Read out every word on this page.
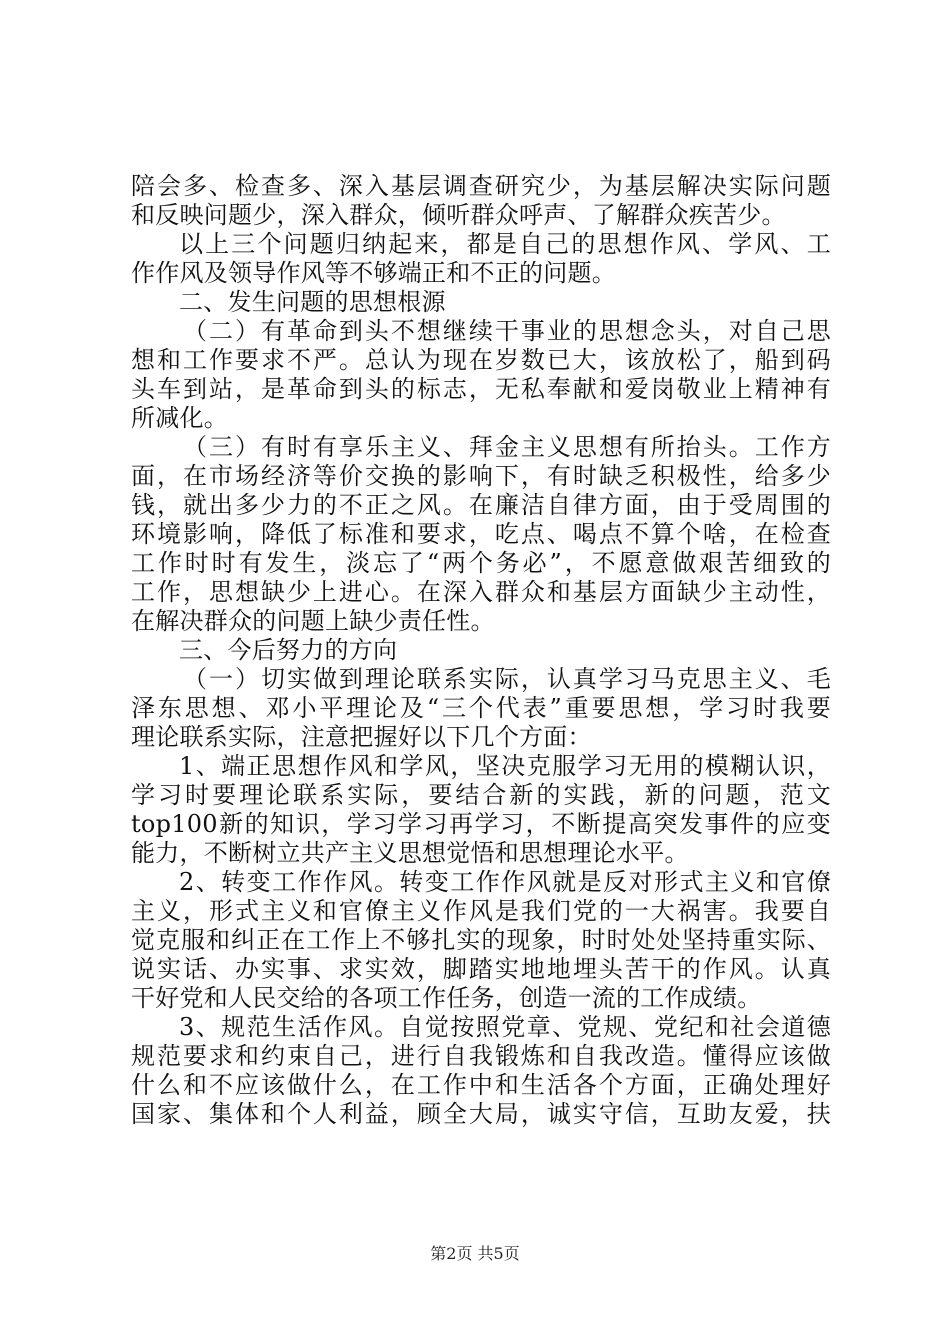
陪会多、检查多、深入基层调查研究少，为基层解决实际问题
和反映问题少，深入群众，倾听群众呼声、了解群众疾苦少。
以上三个问题归纳起来，都是自己的思想作风、学风、工
作作风及领导作风等不够端正和不正的问题。
二、发生问题的思想根源
（二）有革命到头不想继续干事业的思想念头，对自己思
想和工作要求不严。总认为现在岁数已大，该放松了，船到码
头车到站，是革命到头的标志，无私奉献和爱岗敬业上精神有
所减化。
（三）有时有享乐主义、拜金主义思想有所抬头。工作方
面，在市场经济等价交换的影响下，有时缺乏积极性，给多少
钱，就出多少力的不正之风。在廉洁自律方面，由于受周围的
环境影响，降低了标准和要求，吃点、喝点不算个啥，在检查
工作时时有发生，淡忘了“两个务必”，不愿意做艰苦细致的
工作，思想缺少上进心。在深入群众和基层方面缺少主动性，
在解决群众的问题上缺少责任性。
三、今后努力的方向
（一）切实做到理论联系实际，认真学习马克思主义、毛
泽东思想、邓小平理论及“三个代表”重要思想，学习时我要
理论联系实际，注意把握好以下几个方面：
1、端正思想作风和学风，坚决克服学习无用的模糊认识，
学习时要理论联系实际，要结合新的实践，新的问题，范文
top100新的知识，学习学习再学习，不断提高突发事件的应变
能力，不断树立共产主义思想觉悟和思想理论水平。
2、转变工作作风。转变工作作风就是反对形式主义和官僚
主义，形式主义和官僚主义作风是我们党的一大祸害。我要自
觉克服和纠正在工作上不够扎实的现象，时时处处坚持重实际、
说实话、办实事、求实效，脚踏实地地埋头苦干的作风。认真
干好党和人民交给的各项工作任务，创造一流的工作成绩。
3、规范生活作风。自觉按照党章、党规、党纪和社会道德
规范要求和约束自己，进行自我锻炼和自我改造。懂得应该做
什么和不应该做什么，在工作中和生活各个方面，正确处理好
国家、集体和个人利益，顾全大局，诚实守信，互助友爱，扶
第2页 共5页
